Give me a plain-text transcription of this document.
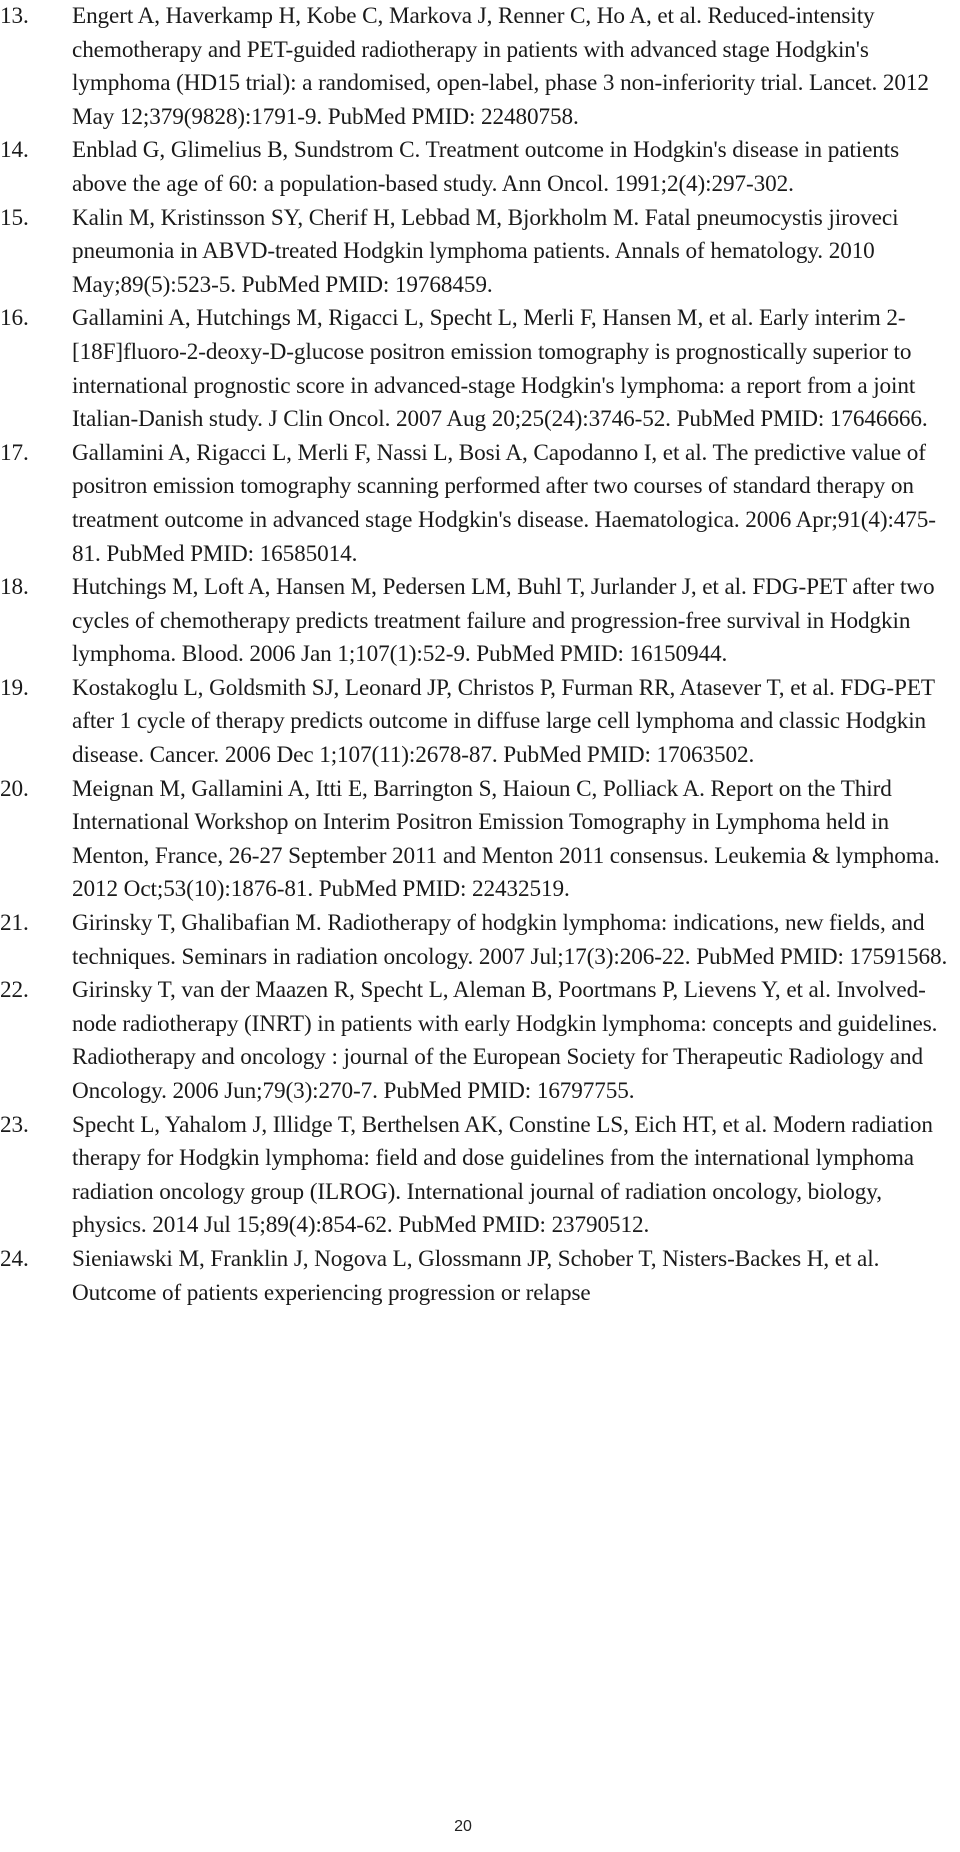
13. Engert A, Haverkamp H, Kobe C, Markova J, Renner C, Ho A, et al. Reduced-intensity chemotherapy and PET-guided radiotherapy in patients with advanced stage Hodgkin's lymphoma (HD15 trial): a randomised, open-label, phase 3 non-inferiority trial. Lancet. 2012 May 12;379(9828):1791-9. PubMed PMID: 22480758.
14. Enblad G, Glimelius B, Sundstrom C. Treatment outcome in Hodgkin's disease in patients above the age of 60: a population-based study. Ann Oncol. 1991;2(4):297-302.
15. Kalin M, Kristinsson SY, Cherif H, Lebbad M, Bjorkholm M. Fatal pneumocystis jiroveci pneumonia in ABVD-treated Hodgkin lymphoma patients. Annals of hematology. 2010 May;89(5):523-5. PubMed PMID: 19768459.
16. Gallamini A, Hutchings M, Rigacci L, Specht L, Merli F, Hansen M, et al. Early interim 2-[18F]fluoro-2-deoxy-D-glucose positron emission tomography is prognostically superior to international prognostic score in advanced-stage Hodgkin's lymphoma: a report from a joint Italian-Danish study. J Clin Oncol. 2007 Aug 20;25(24):3746-52. PubMed PMID: 17646666.
17. Gallamini A, Rigacci L, Merli F, Nassi L, Bosi A, Capodanno I, et al. The predictive value of positron emission tomography scanning performed after two courses of standard therapy on treatment outcome in advanced stage Hodgkin's disease. Haematologica. 2006 Apr;91(4):475-81. PubMed PMID: 16585014.
18. Hutchings M, Loft A, Hansen M, Pedersen LM, Buhl T, Jurlander J, et al. FDG-PET after two cycles of chemotherapy predicts treatment failure and progression-free survival in Hodgkin lymphoma. Blood. 2006 Jan 1;107(1):52-9. PubMed PMID: 16150944.
19. Kostakoglu L, Goldsmith SJ, Leonard JP, Christos P, Furman RR, Atasever T, et al. FDG-PET after 1 cycle of therapy predicts outcome in diffuse large cell lymphoma and classic Hodgkin disease. Cancer. 2006 Dec 1;107(11):2678-87. PubMed PMID: 17063502.
20. Meignan M, Gallamini A, Itti E, Barrington S, Haioun C, Polliack A. Report on the Third International Workshop on Interim Positron Emission Tomography in Lymphoma held in Menton, France, 26-27 September 2011 and Menton 2011 consensus. Leukemia & lymphoma. 2012 Oct;53(10):1876-81. PubMed PMID: 22432519.
21. Girinsky T, Ghalibafian M. Radiotherapy of hodgkin lymphoma: indications, new fields, and techniques. Seminars in radiation oncology. 2007 Jul;17(3):206-22. PubMed PMID: 17591568.
22. Girinsky T, van der Maazen R, Specht L, Aleman B, Poortmans P, Lievens Y, et al. Involved-node radiotherapy (INRT) in patients with early Hodgkin lymphoma: concepts and guidelines. Radiotherapy and oncology : journal of the European Society for Therapeutic Radiology and Oncology. 2006 Jun;79(3):270-7. PubMed PMID: 16797755.
23. Specht L, Yahalom J, Illidge T, Berthelsen AK, Constine LS, Eich HT, et al. Modern radiation therapy for Hodgkin lymphoma: field and dose guidelines from the international lymphoma radiation oncology group (ILROG). International journal of radiation oncology, biology, physics. 2014 Jul 15;89(4):854-62. PubMed PMID: 23790512.
24. Sieniawski M, Franklin J, Nogova L, Glossmann JP, Schober T, Nisters-Backes H, et al. Outcome of patients experiencing progression or relapse
20
